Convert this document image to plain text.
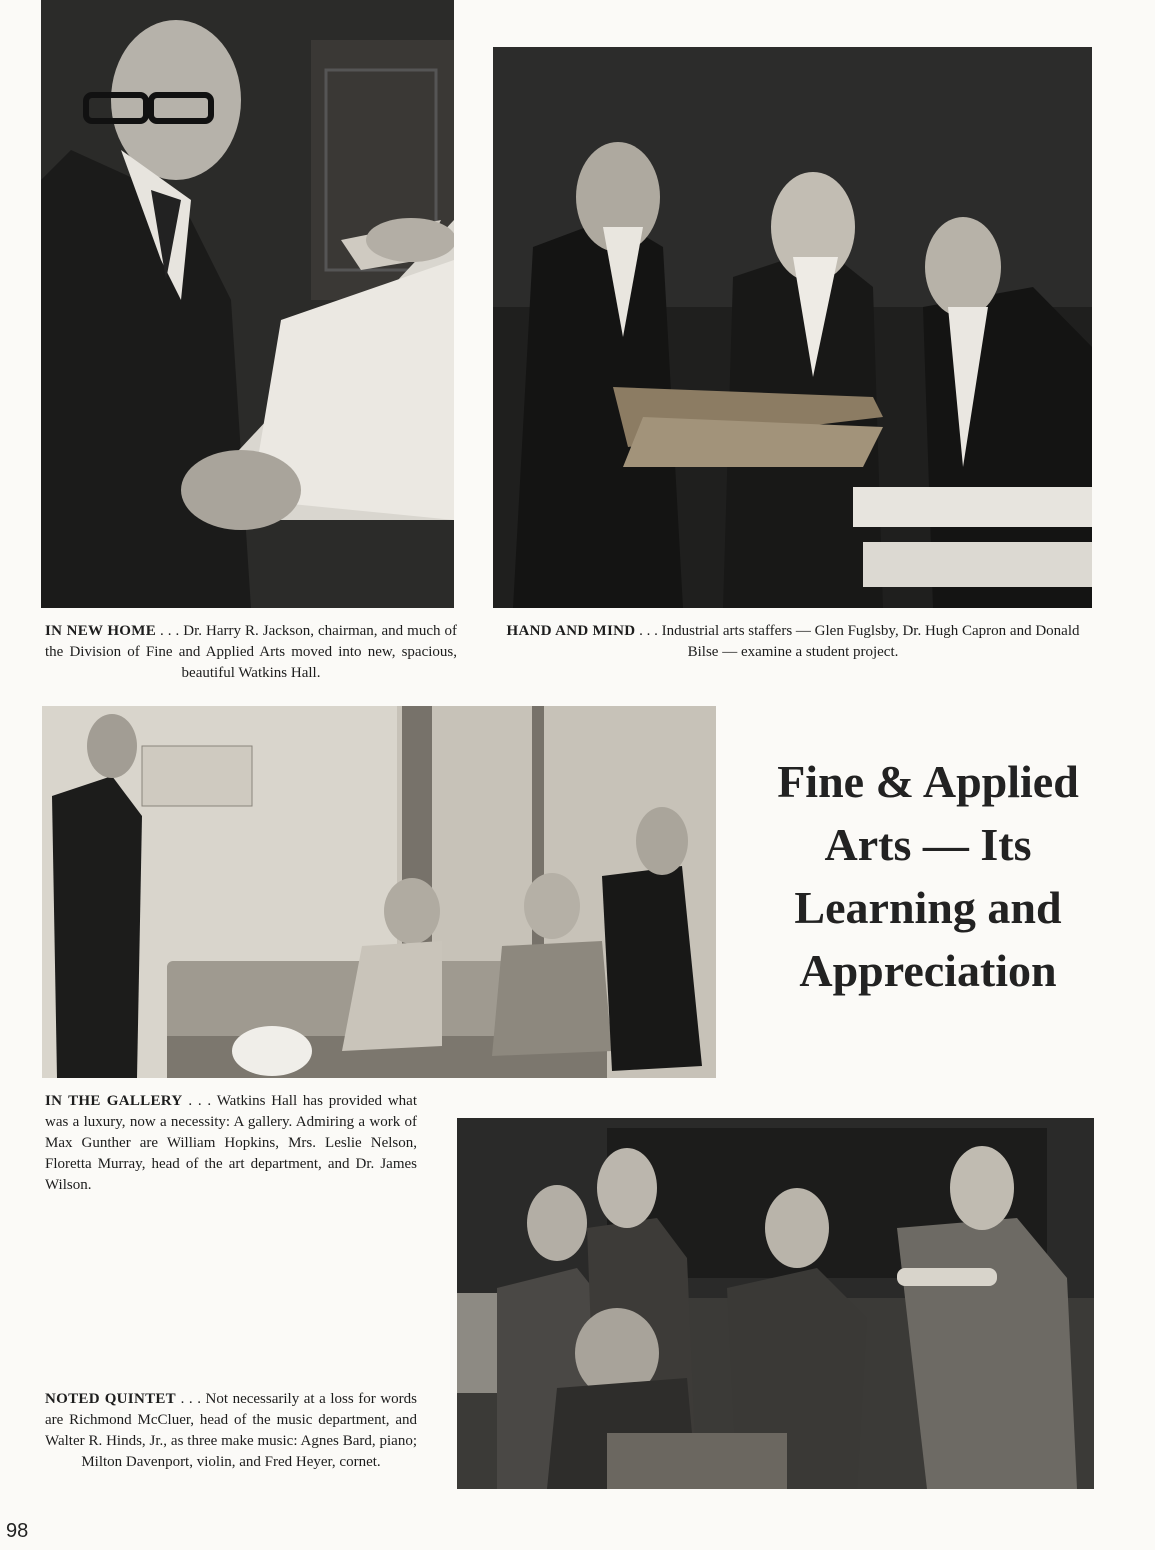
IN NEW HOME . . . Dr. Harry R. Jackson, chairman, and much of the Division of Fine and Applied Arts moved into new, spacious, beautiful Watkins Hall.

HAND AND MIND . . . Industrial arts staffers — Glen Fuglsby, Dr. Hugh Capron and Donald Bilse — examine a student project.

Fine & Applied
Arts — Its
Learning and
Appreciation

IN THE GALLERY . . . Watkins Hall has provided what was a luxury, now a necessity: A gallery. Admiring a work of Max Gunther are William Hopkins, Mrs. Leslie Nelson, Floretta Murray, head of the art department, and Dr. James Wilson.

NOTED QUINTET . . . Not necessarily at a loss for words are Richmond McCluer, head of the music department, and Walter R. Hinds, Jr., as three make music: Agnes Bard, piano; Milton Davenport, violin, and Fred Heyer, cornet.

98
